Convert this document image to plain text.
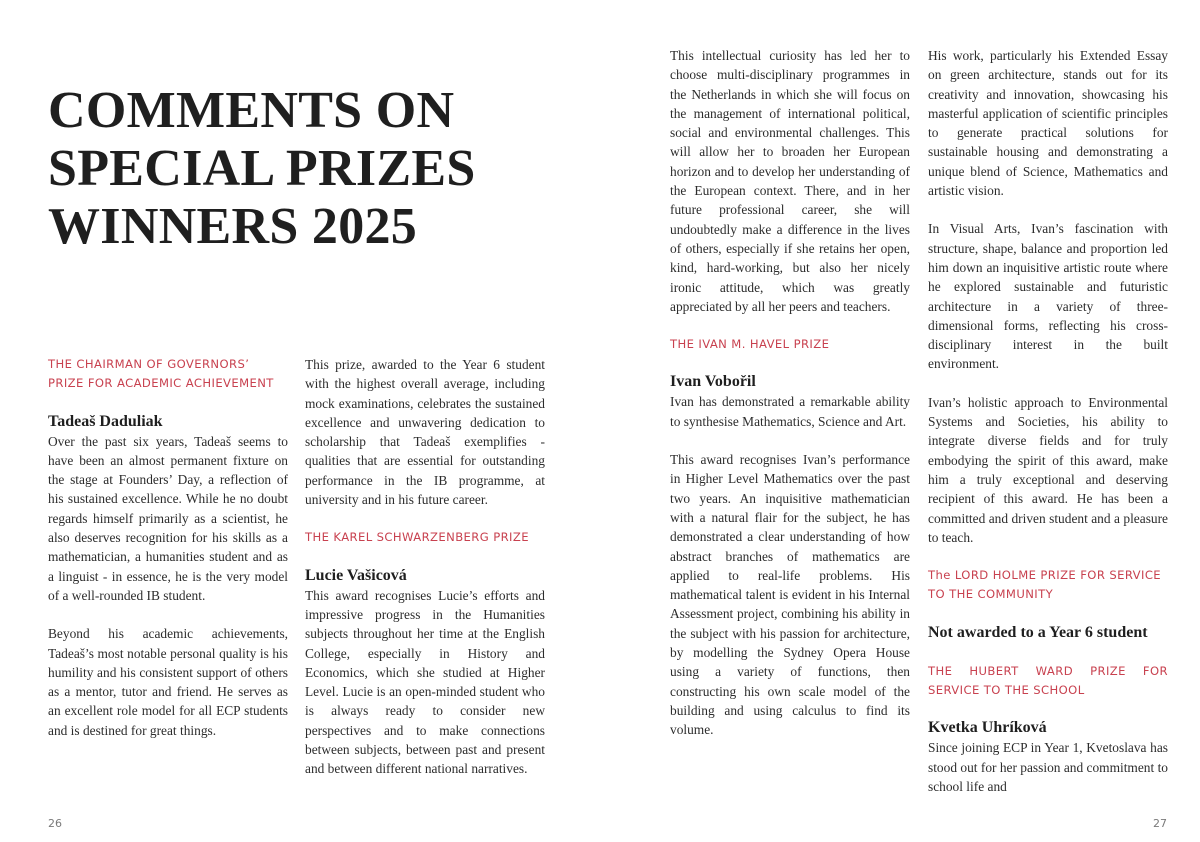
COMMENTS ON
SPECIAL PRIZES
WINNERS 2025
THE CHAIRMAN OF GOVERNORS’ PRIZE FOR ACADEMIC ACHIEVEMENT
Tadeaš Daduliak

Over the past six years, Tadeaš seems to have been an almost permanent fixture on the stage at Founders’ Day, a reflection of his sustained excellence. While he no doubt regards himself primarily as a scientist, he also deserves recognition for his skills as a mathematician, a humanities student and as a linguist - in essence, he is the very model of a well-rounded IB student.

Beyond his academic achievements, Tadeaš’s most notable personal quality is his humility and his consistent support of others as a mentor, tutor and friend. He serves as an excellent role model for all ECP students and is destined for great things.

This prize, awarded to the Year 6 student with the highest overall average, including mock examinations, celebrates the sustained excellence and unwavering dedication to scholarship that Tadeaš exemplifies - qualities that are essential for outstanding performance in the IB programme, at university and in his future career.

THE KAREL SCHWARZENBERG PRIZE
Lucie Vašicová

This award recognises Lucie’s efforts and impressive progress in the Humanities subjects throughout her time at the English College, especially in History and Economics, which she studied at Higher Level. Lucie is an open-minded student who is always ready to consider new perspectives and to make connections between subjects, between past and present and between different national narratives.

This intellectual curiosity has led her to choose multi-disciplinary programmes in the Netherlands in which she will focus on the management of international political, social and environmental challenges. This will allow her to broaden her European horizon and to develop her understanding of the European context. There, and in her future professional career, she will undoubtedly make a difference in the lives of others, especially if she retains her open, kind, hard-working, but also her nicely ironic attitude, which was greatly appreciated by all her peers and teachers.

THE IVAN M. HAVEL PRIZE
Ivan Vobořil

Ivan has demonstrated a remarkable ability to synthesise Mathematics, Science and Art.

This award recognises Ivan’s performance in Higher Level Mathematics over the past two years. An inquisitive mathematician with a natural flair for the subject, he has demonstrated a clear understanding of how abstract branches of mathematics are applied to real-life problems. His mathematical talent is evident in his Internal Assessment project, combining his ability in the subject with his passion for architecture, by modelling the Sydney Opera House using a variety of functions, then constructing his own scale model of the building and using calculus to find its volume.

His work, particularly his Extended Essay on green architecture, stands out for its creativity and innovation, showcasing his masterful application of scientific principles to generate practical solutions for sustainable housing and demonstrating a unique blend of Science, Mathematics and artistic vision.

In Visual Arts, Ivan’s fascination with structure, shape, balance and proportion led him down an inquisitive artistic route where he explored sustainable and futuristic architecture in a variety of three- dimensional forms, reflecting his cross-disciplinary interest in the built environment.

Ivan’s holistic approach to Environmental Systems and Societies, his ability to integrate diverse fields and for truly embodying the spirit of this award, make him a truly exceptional and deserving recipient of this award. He has been a committed and driven student and a pleasure to teach.

The LORD HOLME PRIZE FOR SERVICE TO THE COMMUNITY
Not awarded to a Year 6 student
THE HUBERT WARD PRIZE FOR SERVICE TO THE SCHOOL
Kvetka Uhríková

Since joining ECP in Year 1, Kvetoslava has stood out for her passion and commitment to school life and

26	27
